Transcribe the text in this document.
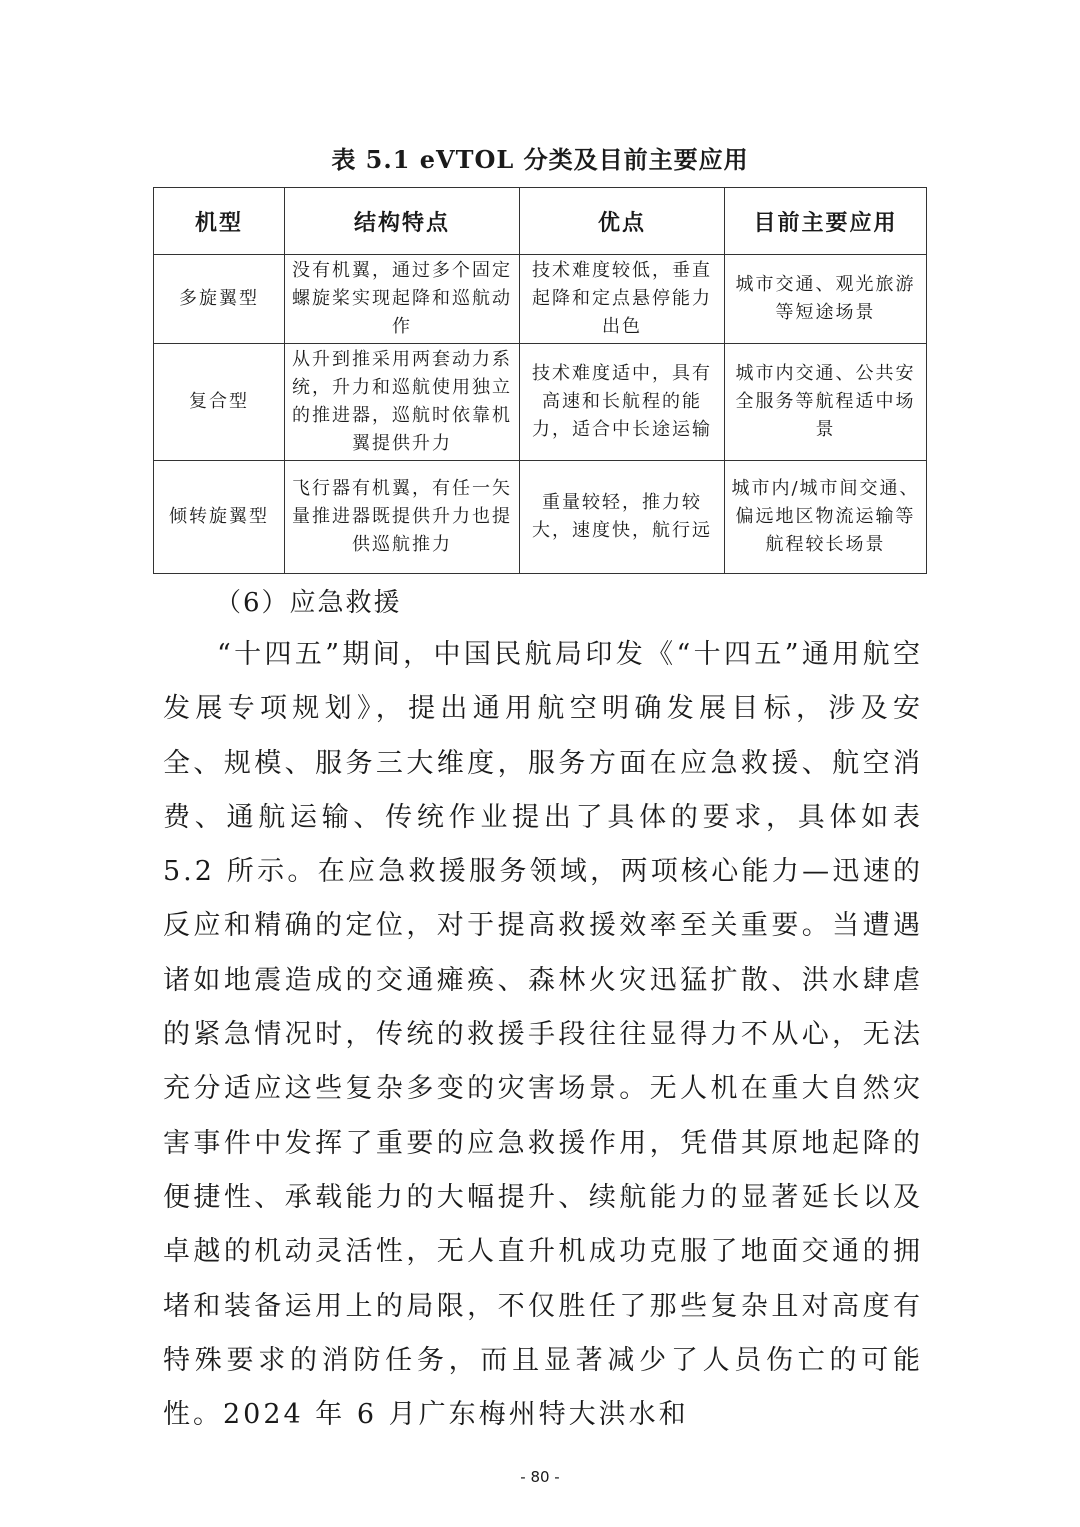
表 5.1 eVTOL 分类及目前主要应用
机型	结构特点	优点	目前主要应用
多旋翼型	没有机翼，通过多个固定螺旋桨实现起降和巡航动作	技术难度较低，垂直起降和定点悬停能力出色	城市交通、观光旅游等短途场景
复合型	从升到推采用两套动力系统，升力和巡航使用独立的推进器，巡航时依靠机翼提供升力	技术难度适中，具有高速和长航程的能力，适合中长途运输	城市内交通、公共安全服务等航程适中场景
倾转旋翼型	飞行器有机翼，有任一矢量推进器既提供升力也提供巡航推力	重量较轻，推力较大，速度快，航行远	城市内/城市间交通、偏远地区物流运输等航程较长场景
（6）应急救援

“十四五”期间，中国民航局印发《“十四五”通用航空发展专项规划》，提出通用航空明确发展目标，涉及安全、规模、服务三大维度，服务方面在应急救援、航空消费、通航运输、传统作业提出了具体的要求，具体如表 5.2 所示。在应急救援服务领域，两项核心能力—迅速的反应和精确的定位，对于提高救援效率至关重要。当遭遇诸如地震造成的交通瘫痪、森林火灾迅猛扩散、洪水肆虐的紧急情况时，传统的救援手段往往显得力不从心，无法充分适应这些复杂多变的灾害场景。无人机在重大自然灾害事件中发挥了重要的应急救援作用，凭借其原地起降的便捷性、承载能力的大幅提升、续航能力的显著延长以及卓越的机动灵活性，无人直升机成功克服了地面交通的拥堵和装备运用上的局限，不仅胜任了那些复杂且对高度有特殊要求的消防任务，而且显著减少了人员伤亡的可能性。2024 年 6 月广东梅州特大洪水和

- 80 -
